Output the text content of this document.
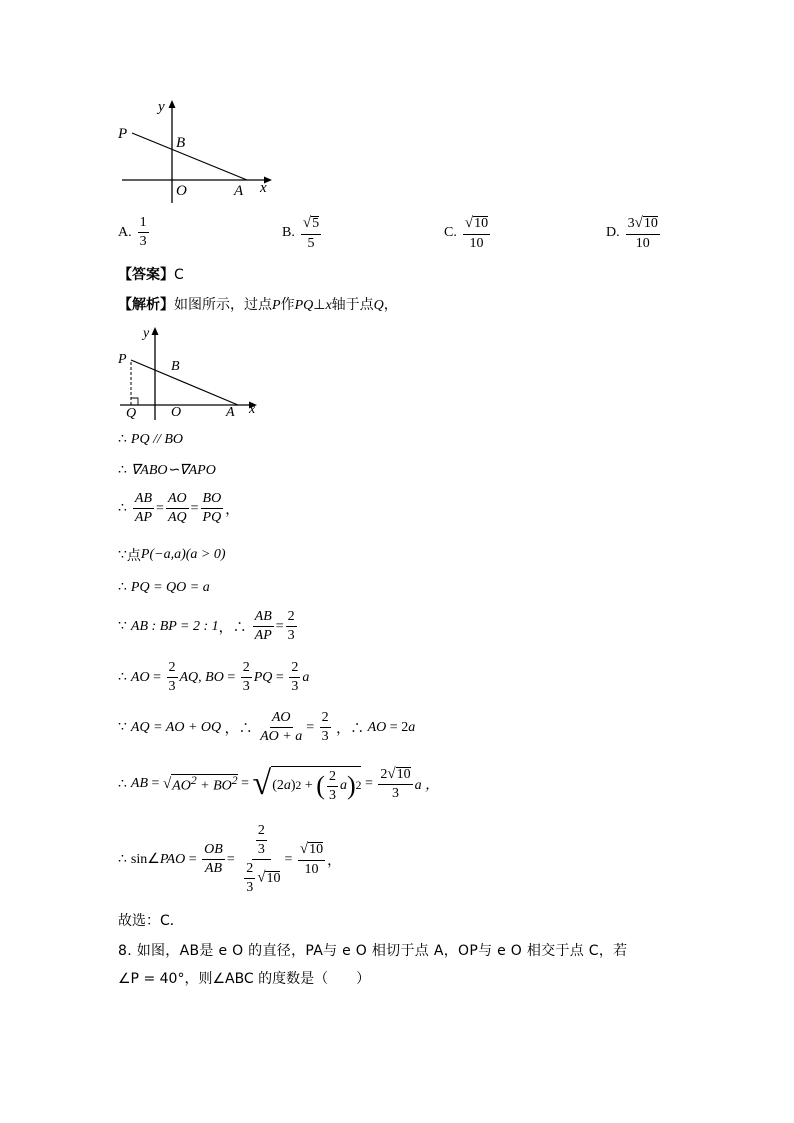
y
x
P
B
O	A
A. $\frac{1}{3}$	B. $\frac{√5}{5}$	C. $\frac{√10}{10}$	D. $\frac{3√10}{10}$
【答案】C
【解析】如图所示，过点P作PQ⊥x轴于点Q，
y
x
P	B
O	A
Q
∴ PQ // BO
∴ ∇ABO∽∇APO
∴ $\frac{AB}{AP} = \frac{AO}{AQ} = \frac{BO}{PQ}$ ，
∵ 点 P(−a,a)(a > 0)
∴ PQ = QO = a
∵ AB : BP = 2 : 1 ，∴ $\frac{AB}{AP} = \frac{2}{3}$
∴ AO = $\frac{2}{3}$ AQ , BO = $\frac{2}{3}$ PQ = $\frac{2}{3}$ a
∵ AQ = AO + OQ ，∴ $\frac{AO}{AO + a} = \frac{2}{3}$ ，∴ AO = 2 a
∴ AB = √ $AO^2 + BO^2$ = √ (2 a ) 2 + ( $\frac{2}{3}$ a ) $2 = \frac{2√10}{3}$ a ，
∴ sin∠ PAO = $\frac{OB}{AB} = \frac{\frac{2}{3}}{\frac{2}{3} √10} = \frac{√10}{10}$ ，
故选：C．
8. 如图，AB是 e O 的直径，PA与 e O 相切于点 A，OP与 e O 相交于点 C，若
∠P = 40°，则∠ABC 的度数是（　　）
